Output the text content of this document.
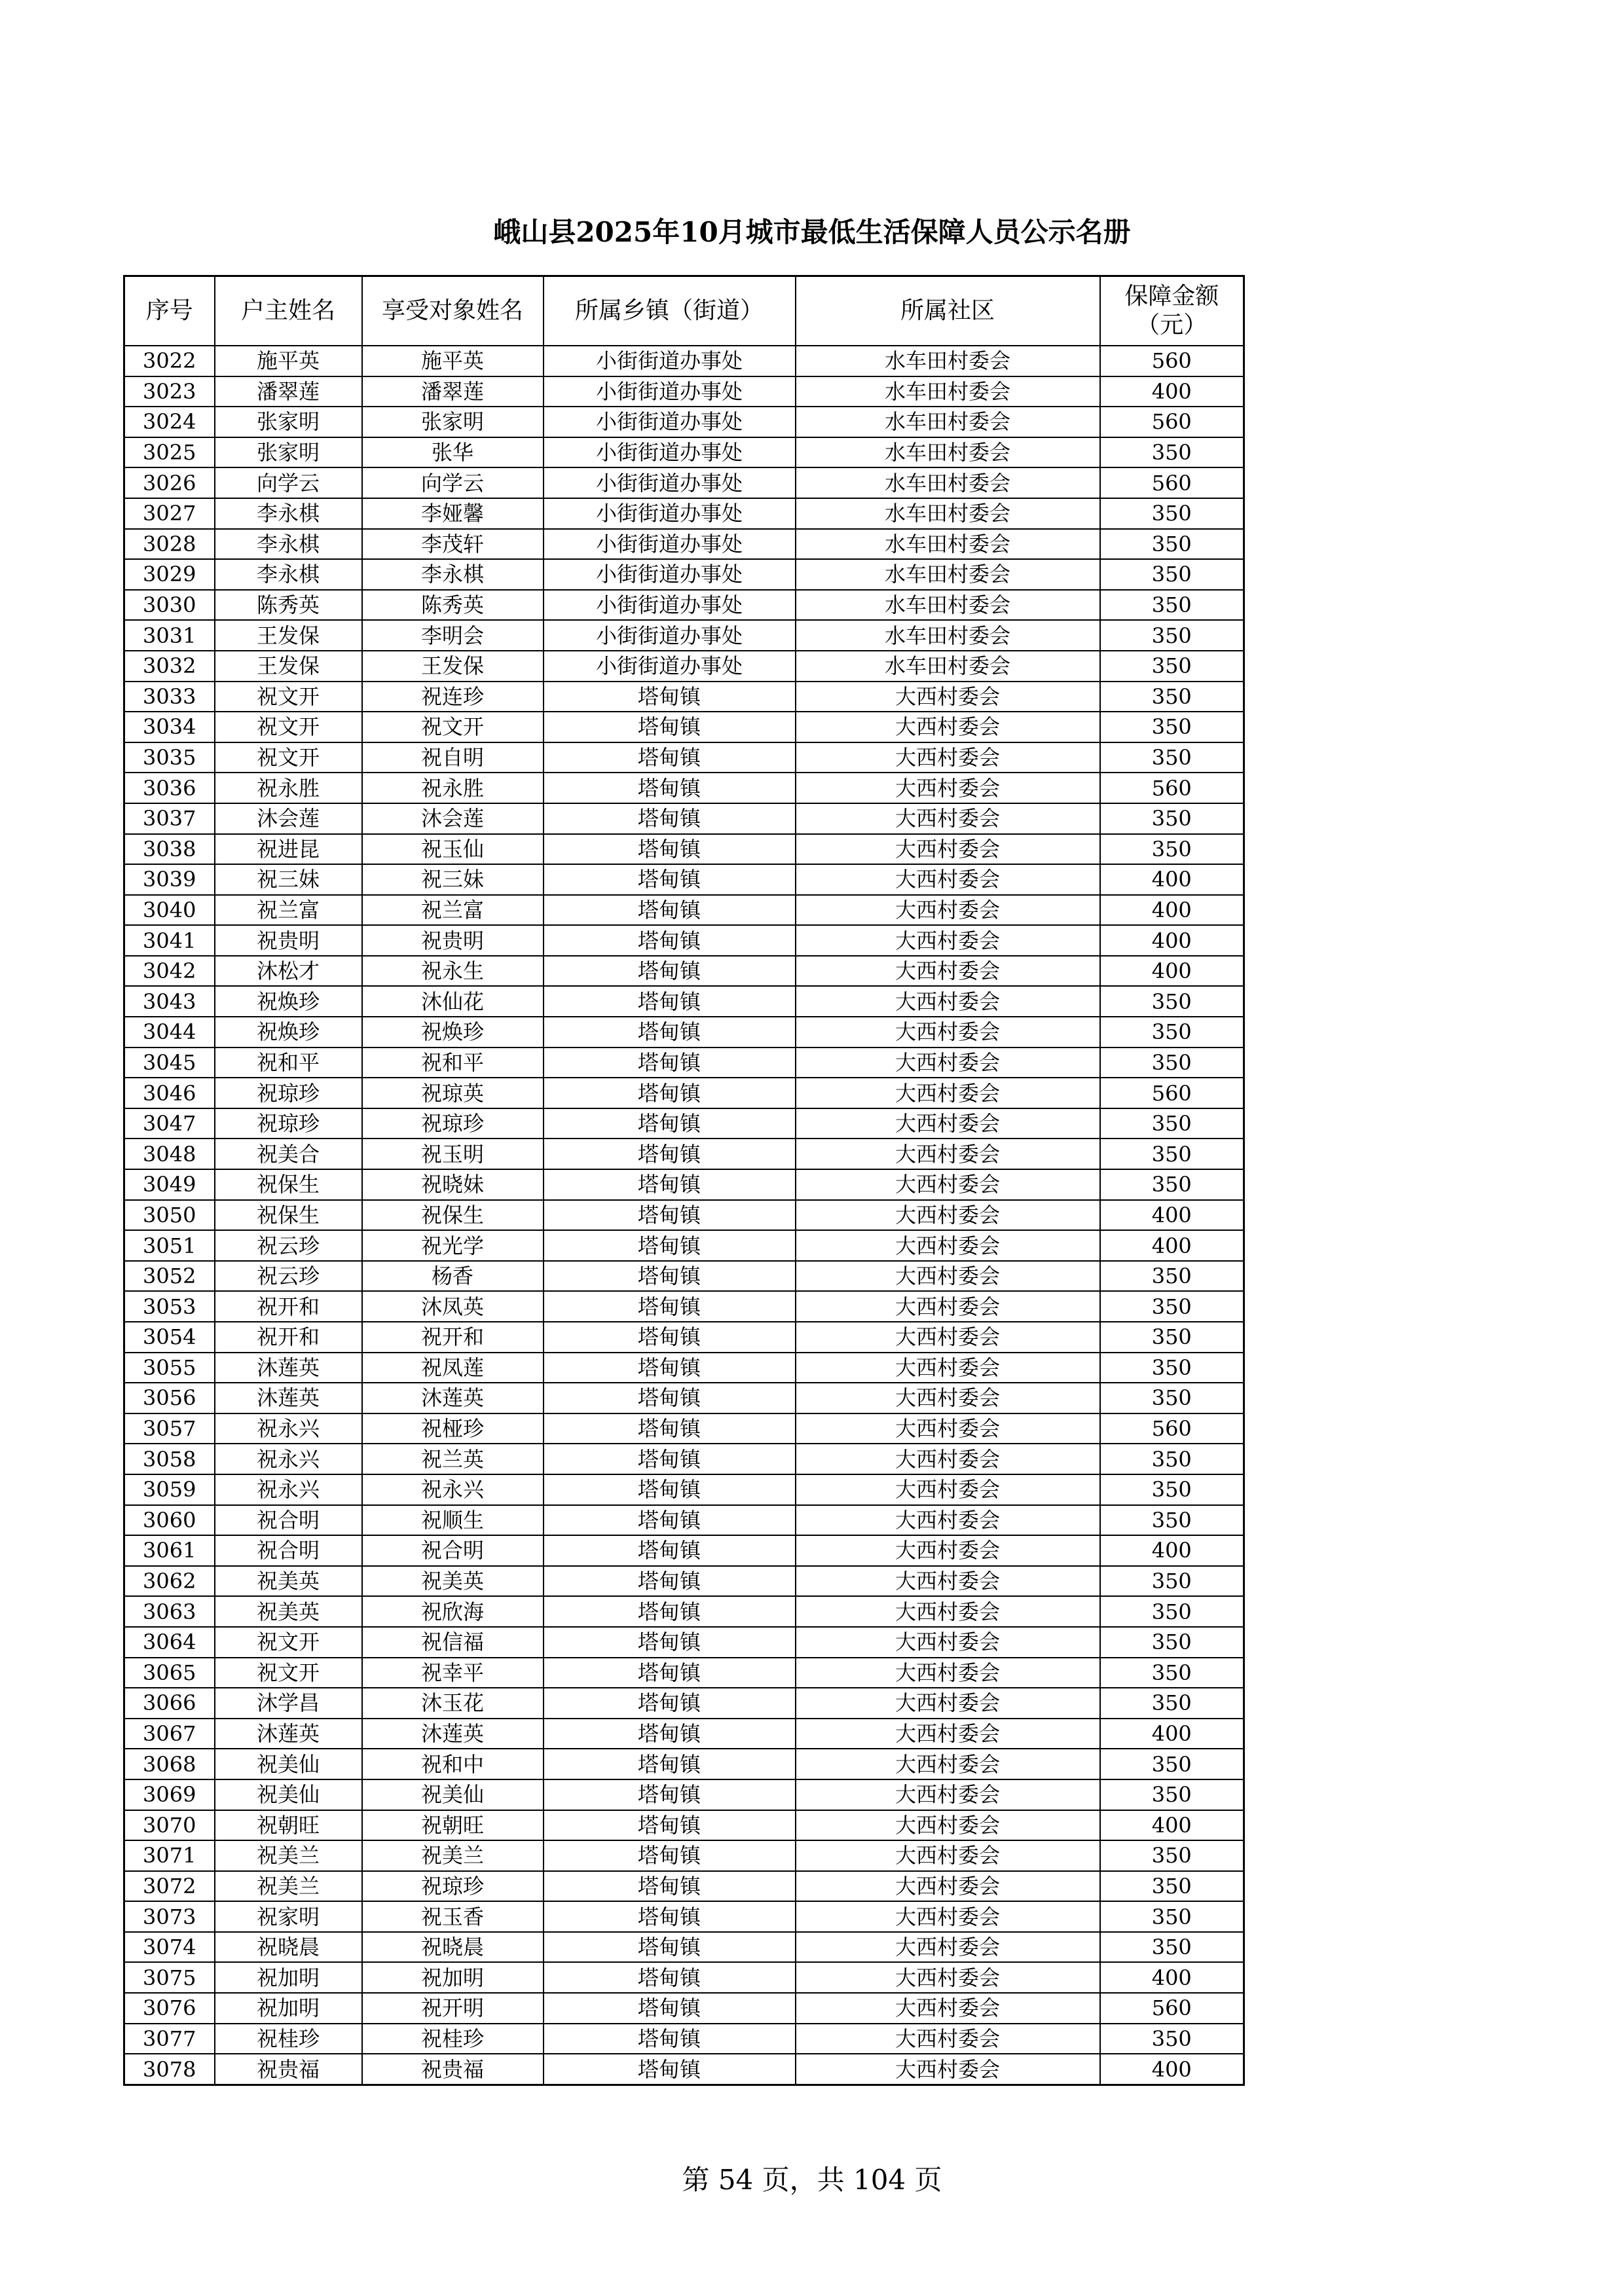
峨山县2025年10月城市最低生活保障人员公示名册
序号	户主姓名	享受对象姓名	所属乡镇（街道）	所属社区	保障金额
（元）
3022	施平英	施平英	小街街道办事处	水车田村委会	560
3023	潘翠莲	潘翠莲	小街街道办事处	水车田村委会	400
3024	张家明	张家明	小街街道办事处	水车田村委会	560
3025	张家明	张华	小街街道办事处	水车田村委会	350
3026	向学云	向学云	小街街道办事处	水车田村委会	560
3027	李永棋	李娅馨	小街街道办事处	水车田村委会	350
3028	李永棋	李茂轩	小街街道办事处	水车田村委会	350
3029	李永棋	李永棋	小街街道办事处	水车田村委会	350
3030	陈秀英	陈秀英	小街街道办事处	水车田村委会	350
3031	王发保	李明会	小街街道办事处	水车田村委会	350
3032	王发保	王发保	小街街道办事处	水车田村委会	350
3033	祝文开	祝连珍	塔甸镇	大西村委会	350
3034	祝文开	祝文开	塔甸镇	大西村委会	350
3035	祝文开	祝自明	塔甸镇	大西村委会	350
3036	祝永胜	祝永胜	塔甸镇	大西村委会	560
3037	沐会莲	沐会莲	塔甸镇	大西村委会	350
3038	祝进昆	祝玉仙	塔甸镇	大西村委会	350
3039	祝三妹	祝三妹	塔甸镇	大西村委会	400
3040	祝兰富	祝兰富	塔甸镇	大西村委会	400
3041	祝贵明	祝贵明	塔甸镇	大西村委会	400
3042	沐松才	祝永生	塔甸镇	大西村委会	400
3043	祝焕珍	沐仙花	塔甸镇	大西村委会	350
3044	祝焕珍	祝焕珍	塔甸镇	大西村委会	350
3045	祝和平	祝和平	塔甸镇	大西村委会	350
3046	祝琼珍	祝琼英	塔甸镇	大西村委会	560
3047	祝琼珍	祝琼珍	塔甸镇	大西村委会	350
3048	祝美合	祝玉明	塔甸镇	大西村委会	350
3049	祝保生	祝晓妹	塔甸镇	大西村委会	350
3050	祝保生	祝保生	塔甸镇	大西村委会	400
3051	祝云珍	祝光学	塔甸镇	大西村委会	400
3052	祝云珍	杨香	塔甸镇	大西村委会	350
3053	祝开和	沐凤英	塔甸镇	大西村委会	350
3054	祝开和	祝开和	塔甸镇	大西村委会	350
3055	沐莲英	祝凤莲	塔甸镇	大西村委会	350
3056	沐莲英	沐莲英	塔甸镇	大西村委会	350
3057	祝永兴	祝桠珍	塔甸镇	大西村委会	560
3058	祝永兴	祝兰英	塔甸镇	大西村委会	350
3059	祝永兴	祝永兴	塔甸镇	大西村委会	350
3060	祝合明	祝顺生	塔甸镇	大西村委会	350
3061	祝合明	祝合明	塔甸镇	大西村委会	400
3062	祝美英	祝美英	塔甸镇	大西村委会	350
3063	祝美英	祝欣海	塔甸镇	大西村委会	350
3064	祝文开	祝信福	塔甸镇	大西村委会	350
3065	祝文开	祝幸平	塔甸镇	大西村委会	350
3066	沐学昌	沐玉花	塔甸镇	大西村委会	350
3067	沐莲英	沐莲英	塔甸镇	大西村委会	400
3068	祝美仙	祝和中	塔甸镇	大西村委会	350
3069	祝美仙	祝美仙	塔甸镇	大西村委会	350
3070	祝朝旺	祝朝旺	塔甸镇	大西村委会	400
3071	祝美兰	祝美兰	塔甸镇	大西村委会	350
3072	祝美兰	祝琼珍	塔甸镇	大西村委会	350
3073	祝家明	祝玉香	塔甸镇	大西村委会	350
3074	祝晓晨	祝晓晨	塔甸镇	大西村委会	350
3075	祝加明	祝加明	塔甸镇	大西村委会	400
3076	祝加明	祝开明	塔甸镇	大西村委会	560
3077	祝桂珍	祝桂珍	塔甸镇	大西村委会	350
3078	祝贵福	祝贵福	塔甸镇	大西村委会	400
第 54 页，共 104 页
